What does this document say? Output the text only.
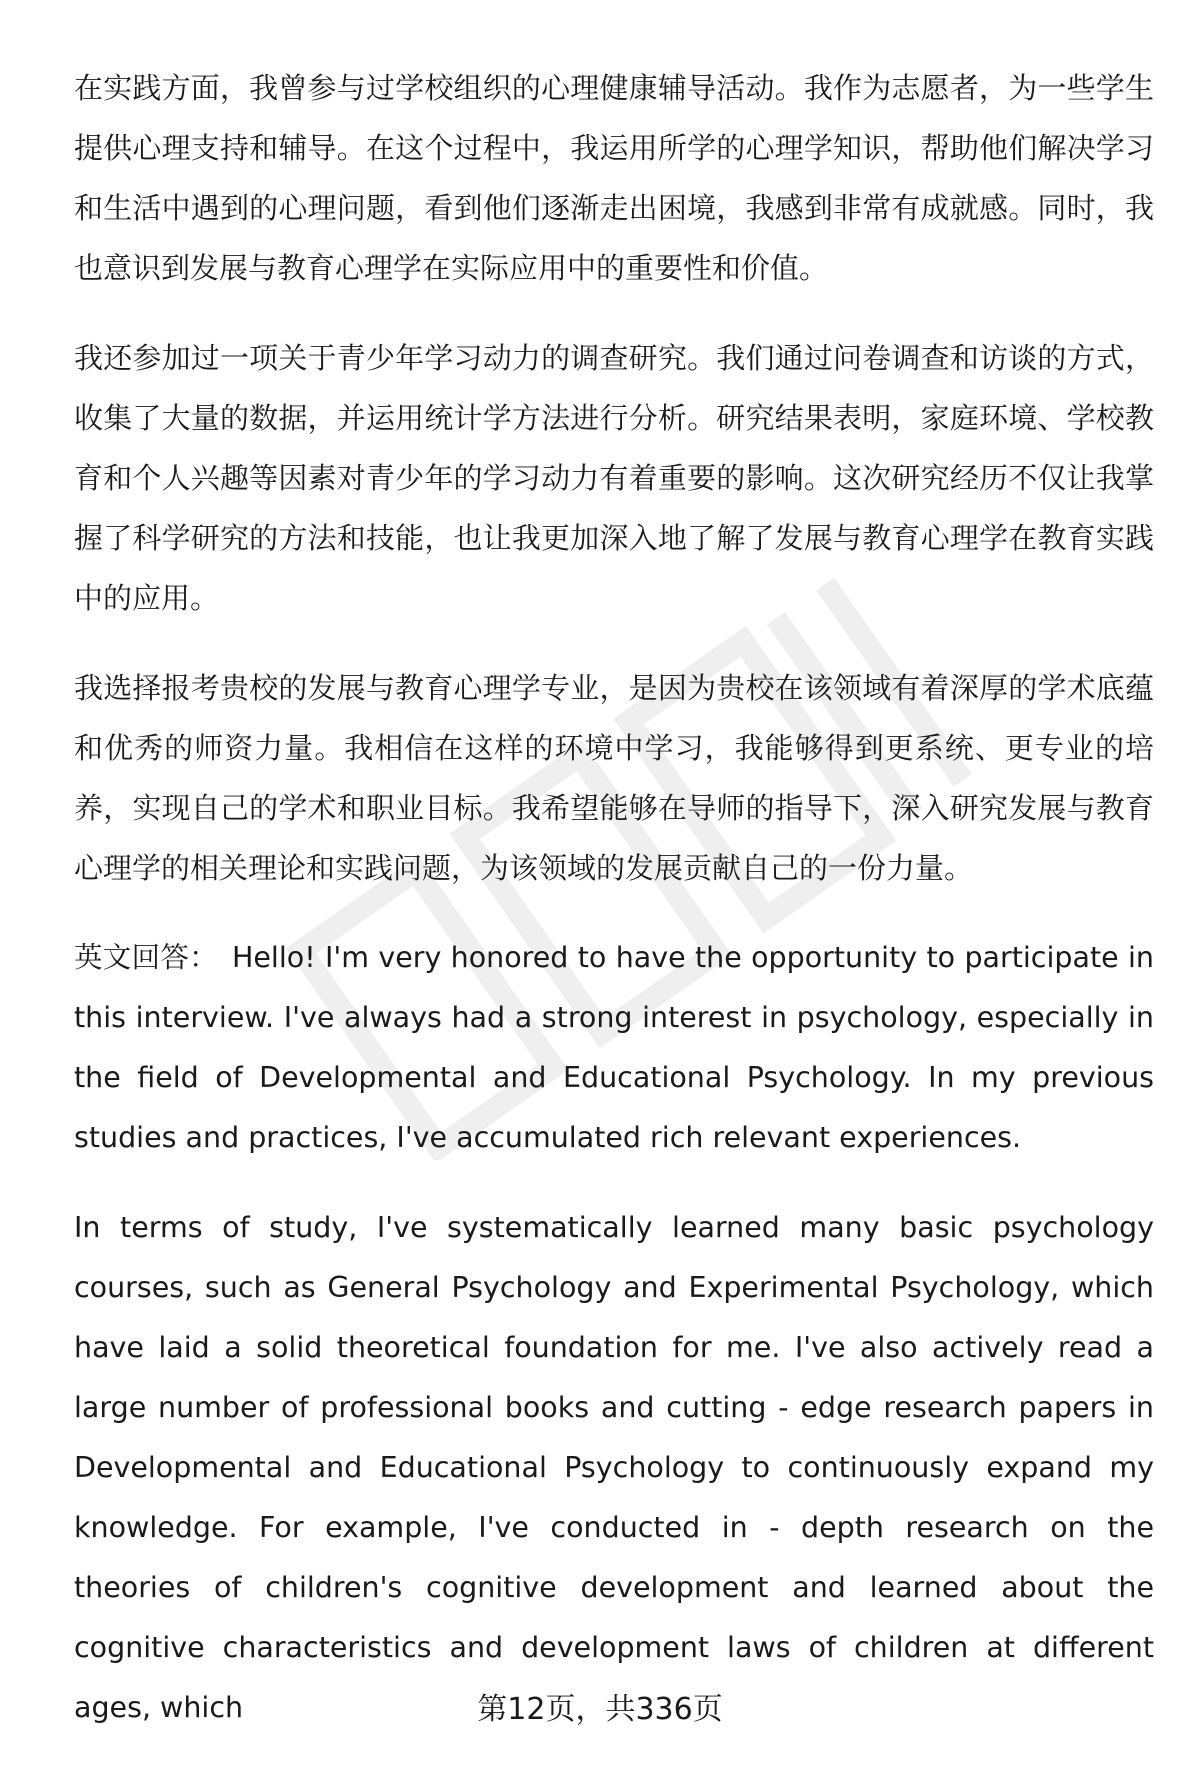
在实践方面，我曾参与过学校组织的心理健康辅导活动。我作为志愿者，为一些学生提供心理支持和辅导。在这个过程中，我运用所学的心理学知识，帮助他们解决学习和生活中遇到的心理问题，看到他们逐渐走出困境，我感到非常有成就感。同时，我也意识到发展与教育心理学在实际应用中的重要性和价值。

我还参加过一项关于青少年学习动力的调查研究。我们通过问卷调查和访谈的方式，收集了大量的数据，并运用统计学方法进行分析。研究结果表明，家庭环境、学校教育和个人兴趣等因素对青少年的学习动力有着重要的影响。这次研究经历不仅让我掌握了科学研究的方法和技能，也让我更加深入地了解了发展与教育心理学在教育实践中的应用。

我选择报考贵校的发展与教育心理学专业，是因为贵校在该领域有着深厚的学术底蕴和优秀的师资力量。我相信在这样的环境中学习，我能够得到更系统、更专业的培养，实现自己的学术和职业目标。我希望能够在导师的指导下，深入研究发展与教育心理学的相关理论和实践问题，为该领域的发展贡献自己的一份力量。

英文回答： Hello! I'm very honored to have the opportunity to participate in this interview. I've always had a strong interest in psychology, especially in the field of Developmental and Educational Psychology. In my previous studies and practices, I've accumulated rich relevant experiences.

In terms of study, I've systematically learned many basic psychology courses, such as General Psychology and Experimental Psychology, which have laid a solid theoretical foundation for me. I've also actively read a large number of professional books and cutting - edge research papers in Developmental and Educational Psychology to continuously expand my knowledge. For example, I've conducted in - depth research on the theories of children's cognitive development and learned about the cognitive characteristics and development laws of children at different ages, which	第12页，共336页
